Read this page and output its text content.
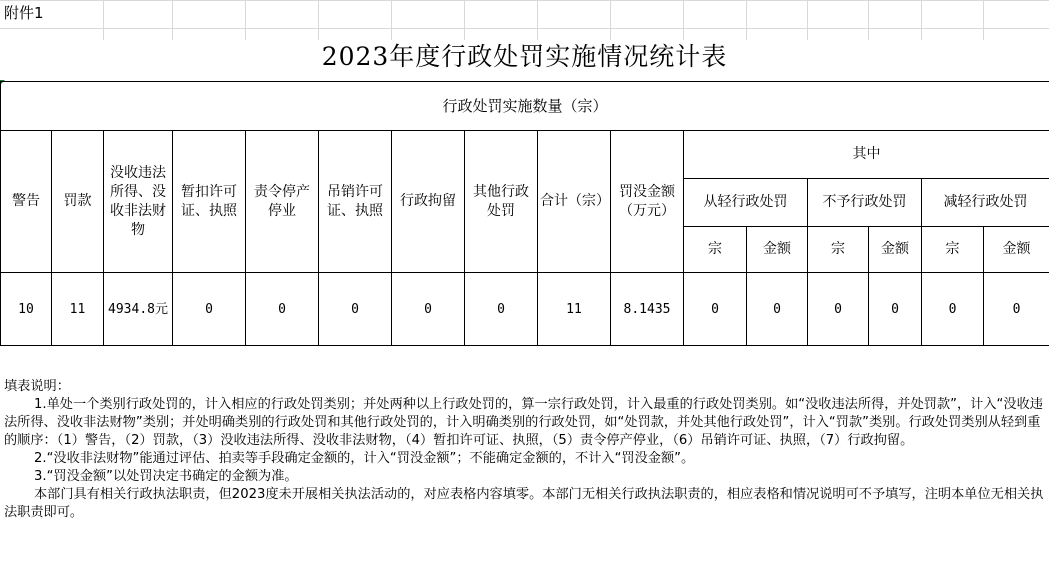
附件1
2023年度行政处罚实施情况统计表
行政处罚实施数量（宗）															
警告	罚款	没收违法所得、没收非法财物	暂扣许可证、执照	责令停产停业	吊销许可证、执照	行政拘留	其他行政处罚	合计（宗）	罚没金额（万元）	其中					
										从轻行政处罚		不予行政处罚		减轻行政处罚	
										宗	金额	宗	金额	宗	金额
10	11	4934.8元	0	0	0	0	0	11	8.1435	0	0	0	0	0	0
填表说明：
1.单处一个类别行政处罚的，计入相应的行政处罚类别；并处两种以上行政处罚的，算一宗行政处罚，计入最重的行政处罚类别。如“没收违法所得，并处罚款”，计入“没收违法所得、没收非法财物”类别；并处明确类别的行政处罚和其他行政处罚的，计入明确类别的行政处罚，如“处罚款，并处其他行政处罚”，计入“罚款”类别。行政处罚类别从轻到重的顺序：（1）警告，（2）罚款，（3）没收违法所得、没收非法财物，（4）暂扣许可证、执照，（5）责令停产停业，（6）吊销许可证、执照，（7）行政拘留。
2.“没收非法财物”能通过评估、拍卖等手段确定金额的，计入“罚没金额”；不能确定金额的，不计入“罚没金额”。
3.“罚没金额”以处罚决定书确定的金额为准。
本部门具有相关行政执法职责，但2023度未开展相关执法活动的，对应表格内容填零。本部门无相关行政执法职责的，相应表格和情况说明可不予填写，注明本单位无相关执法职责即可。
